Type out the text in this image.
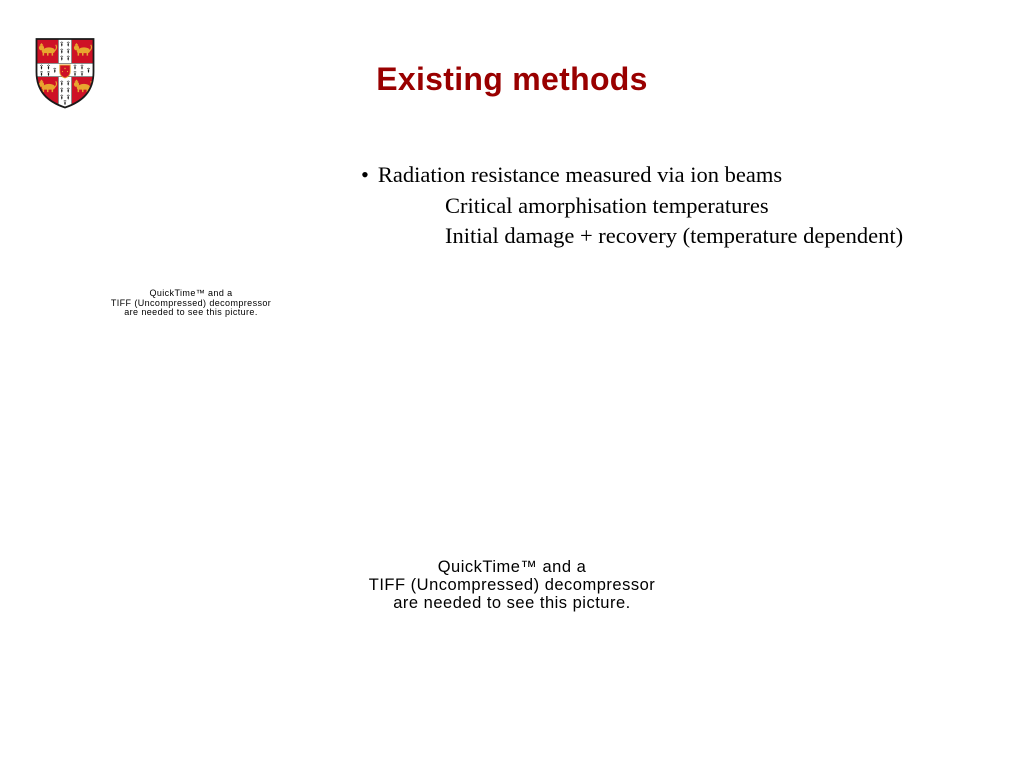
Existing methods
• Radiation resistance measured via ion beams
Critical amorphisation temperatures
Initial damage + recovery (temperature dependent)
QuickTime™ and a
TIFF (Uncompressed) decompressor
are needed to see this picture.
QuickTime™ and a
TIFF (Uncompressed) decompressor
are needed to see this picture.
